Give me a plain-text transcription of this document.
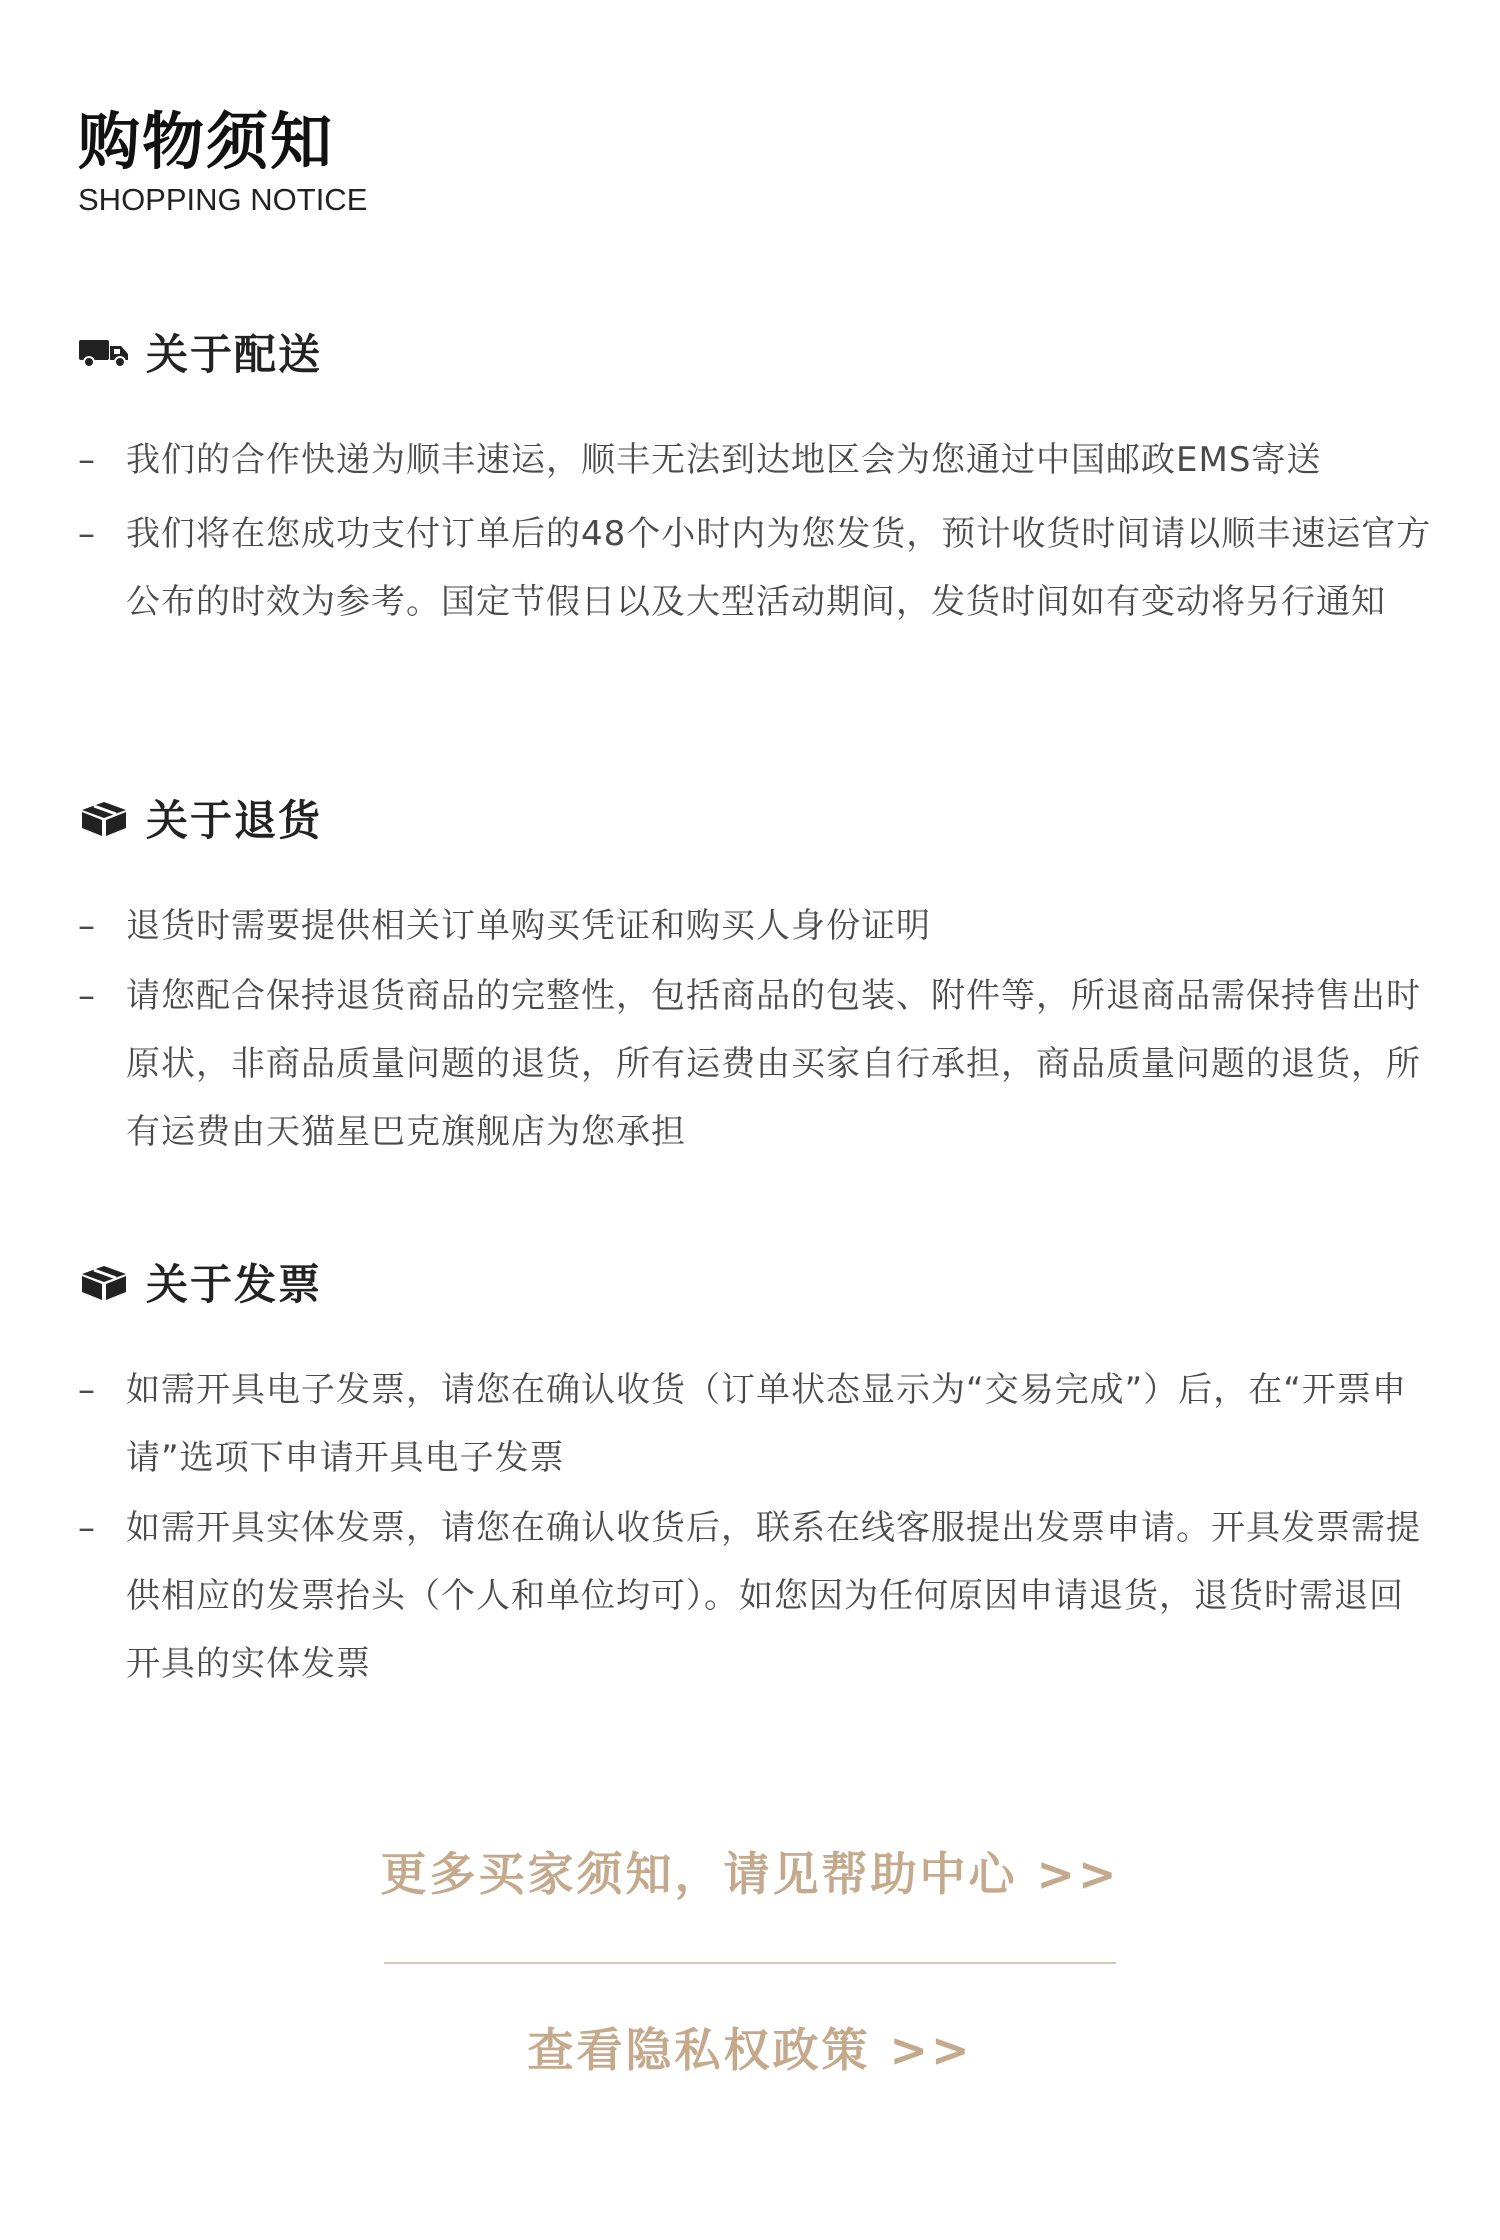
购物须知
SHOPPING NOTICE
关于配送
– 我们的合作快递为顺丰速运，顺丰无法到达地区会为您通过中国邮政EMS寄送
– 我们将在您成功支付订单后的48个小时内为您发货，预计收货时间请以顺丰速运官方公布的时效为参考。国定节假日以及大型活动期间，发货时间如有变动将另行通知
关于退货
– 退货时需要提供相关订单购买凭证和购买人身份证明
– 请您配合保持退货商品的完整性，包括商品的包装、附件等，所退商品需保持售出时原状，非商品质量问题的退货，所有运费由买家自行承担，商品质量问题的退货，所有运费由天猫星巴克旗舰店为您承担
关于发票
– 如需开具电子发票，请您在确认收货（订单状态显示为“交易完成”）后，在“开票申请”选项下申请开具电子发票
– 如需开具实体发票，请您在确认收货后，联系在线客服提出发票申请。开具发票需提供相应的发票抬头（个人和单位均可）。如您因为任何原因申请退货，退货时需退回开具的实体发票
更多买家须知，请见帮助中心 >>
查看隐私权政策 >>
